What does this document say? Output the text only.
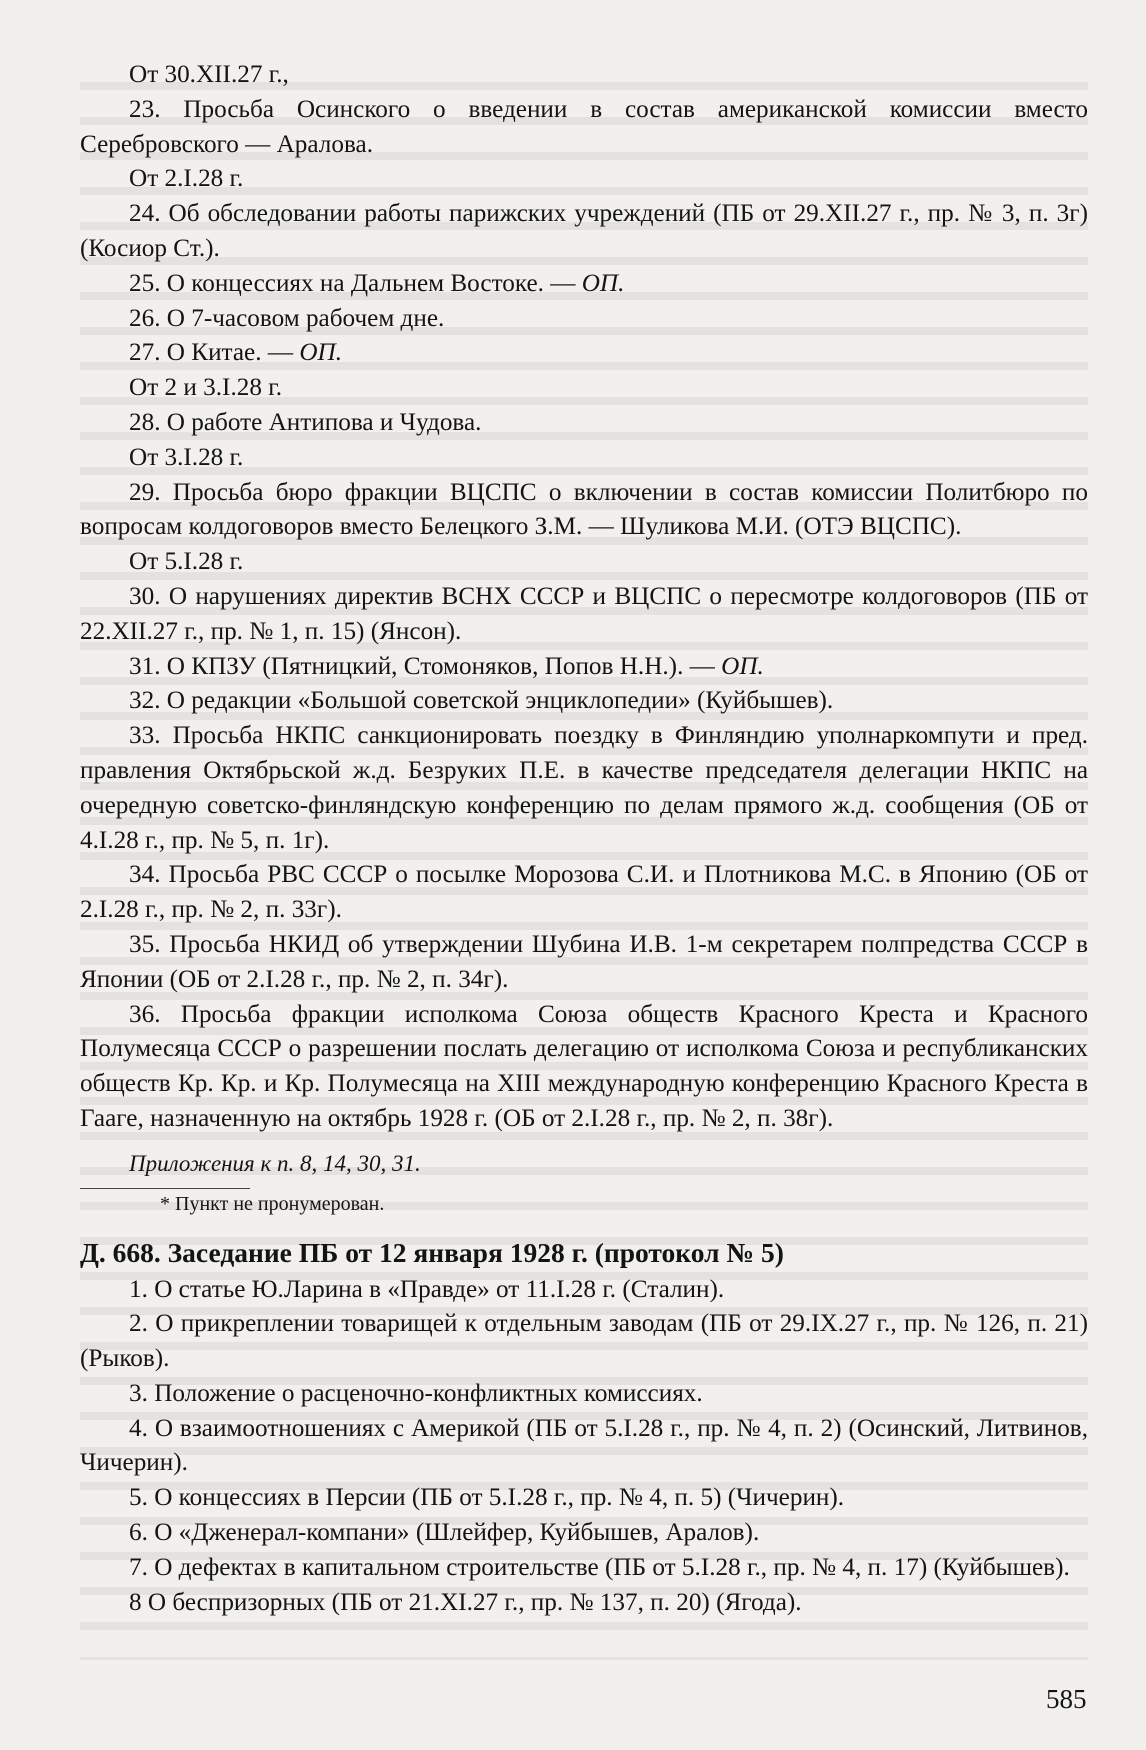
От 30.XII.27 г.,

23. Просьба Осинского о введении в состав американской комиссии вместо Серебровского — Аралова.

От 2.I.28 г.

24. Об обследовании работы парижских учреждений (ПБ от 29.XII.27 г., пр. № 3, п. 3г) (Косиор Ст.).

25. О концессиях на Дальнем Востоке. — ОП.

26. О 7-часовом рабочем дне.

27. О Китае. — ОП.

От 2 и 3.I.28 г.

28. О работе Антипова и Чудова.

От 3.I.28 г.

29. Просьба бюро фракции ВЦСПС о включении в состав комиссии Политбюро по вопросам колдоговоров вместо Белецкого З.М. — Шуликова М.И. (ОТЭ ВЦСПС).

От 5.I.28 г.

30. О нарушениях директив ВСНХ СССР и ВЦСПС о пересмотре колдоговоров (ПБ от 22.XII.27 г., пр. № 1, п. 15) (Янсон).

31. О КПЗУ (Пятницкий, Стомоняков, Попов Н.Н.). — ОП.

32. О редакции «Большой советской энциклопедии» (Куйбышев).

33. Просьба НКПС санкционировать поездку в Финляндию уполнаркомпути и пред. правления Октябрьской ж.д. Безруких П.Е. в качестве председателя делегации НКПС на очередную советско-финляндскую конференцию по делам прямого ж.д. сообщения (ОБ от 4.I.28 г., пр. № 5, п. 1г).

34. Просьба РВС СССР о посылке Морозова С.И. и Плотникова М.С. в Японию (ОБ от 2.I.28 г., пр. № 2, п. 33г).

35. Просьба НКИД об утверждении Шубина И.В. 1-м секретарем полпредства СССР в Японии (ОБ от 2.I.28 г., пр. № 2, п. 34г).

36. Просьба фракции исполкома Союза обществ Красного Креста и Красного Полумесяца СССР о разрешении послать делегацию от исполкома Союза и республиканских обществ Кр. Кр. и Кр. Полумесяца на XIII международную конференцию Красного Креста в Гааге, назначенную на октябрь 1928 г. (ОБ от 2.I.28 г., пр. № 2, п. 38г).

Приложения к п. 8, 14, 30, 31.
* Пункт не пронумерован.
Д. 668. Заседание ПБ от 12 января 1928 г. (протокол № 5)

1. О статье Ю.Ларина в «Правде» от 11.I.28 г. (Сталин).

2. О прикреплении товарищей к отдельным заводам (ПБ от 29.IX.27 г., пр. № 126, п. 21) (Рыков).

3. Положение о расценочно-конфликтных комиссиях.

4. О взаимоотношениях с Америкой (ПБ от 5.I.28 г., пр. № 4, п. 2) (Осинский, Литвинов, Чичерин).

5. О концессиях в Персии (ПБ от 5.I.28 г., пр. № 4, п. 5) (Чичерин).

6. О «Дженерал-компани» (Шлейфер, Куйбышев, Аралов).

7. О дефектах в капитальном строительстве (ПБ от 5.I.28 г., пр. № 4, п. 17) (Куйбышев).

8 О беспризорных (ПБ от 21.XI.27 г., пр. № 137, п. 20) (Ягода).

585
